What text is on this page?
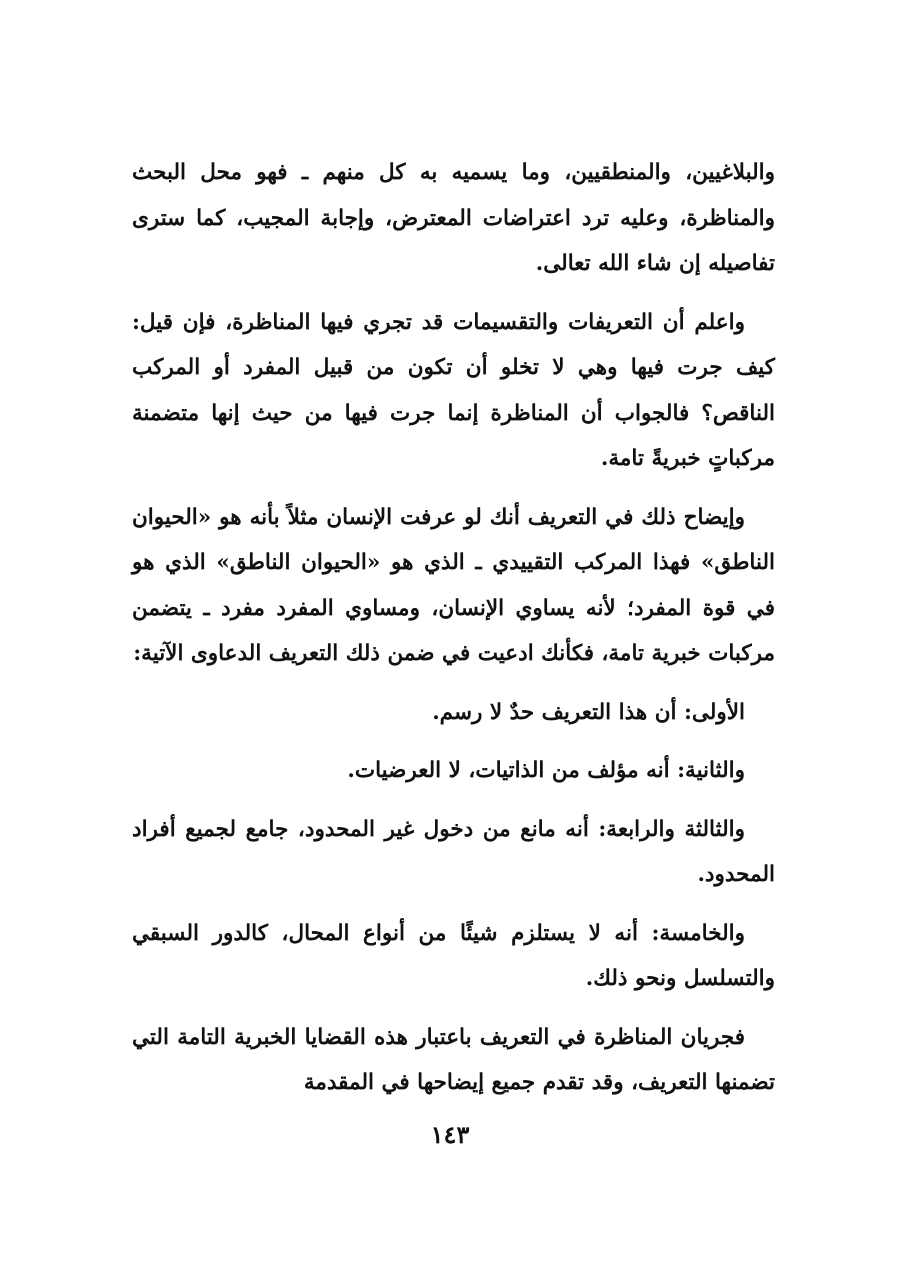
والبلاغيين، والمنطقيين، وما يسميه به كل منهم ـ فهو محل البحث والمناظرة، وعليه ترد اعتراضات المعترض، وإجابة المجيب، كما سترى تفاصيله إن شاء الله تعالى.

واعلم أن التعريفات والتقسيمات قد تجري فيها المناظرة، فإن قيل: كيف جرت فيها وهي لا تخلو أن تكون من قبيل المفرد أو المركب الناقص؟ فالجواب أن المناظرة إنما جرت فيها من حيث إنها متضمنة مركباتٍ خبريةً تامة.

وإيضاح ذلك في التعريف أنك لو عرفت الإنسان مثلاً بأنه هو «الحيوان الناطق» فهذا المركب التقييدي ـ الذي هو «الحيوان الناطق» الذي هو في قوة المفرد؛ لأنه يساوي الإنسان، ومساوي المفرد مفرد ـ يتضمن مركبات خبرية تامة، فكأنك ادعيت في ضمن ذلك التعريف الدعاوى الآتية:

الأولى: أن هذا التعريف حدٌ لا رسم.

والثانية: أنه مؤلف من الذاتيات، لا العرضيات.

والثالثة والرابعة: أنه مانع من دخول غير المحدود، جامع لجميع أفراد المحدود.

والخامسة: أنه لا يستلزم شيئًا من أنواع المحال، كالدور السبقي والتسلسل ونحو ذلك.

فجريان المناظرة في التعريف باعتبار هذه القضايا الخبرية التامة التي تضمنها التعريف، وقد تقدم جميع إيضاحها في المقدمة

١٤٣
